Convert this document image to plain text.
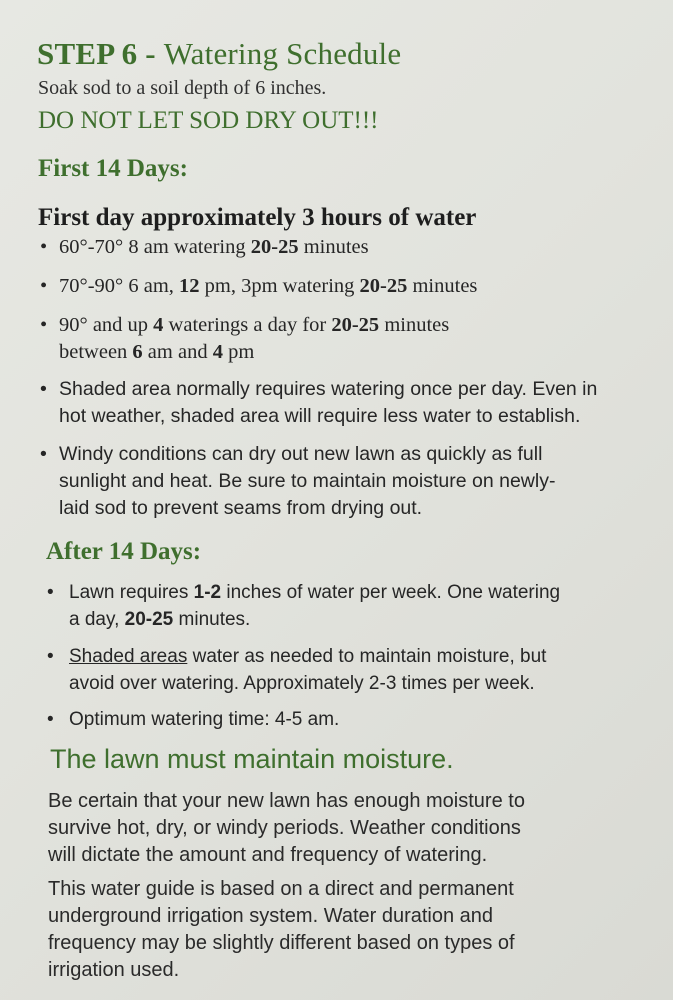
STEP 6 - Watering Schedule
Soak sod to a soil depth of 6 inches.
DO NOT LET SOD DRY OUT!!!
First 14 Days:
First day approximately 3 hours of water
• 60°-70° 8 am watering 20-25 minutes
• 70°-90° 6 am, 12 pm, 3pm watering 20-25 minutes
• 90° and up 4 waterings a day for 20-25 minutes
between 6 am and 4 pm
• Shaded area normally requires watering once per day. Even in
hot weather, shaded area will require less water to establish.
• Windy conditions can dry out new lawn as quickly as full
sunlight and heat. Be sure to maintain moisture on newly-
laid sod to prevent seams from drying out.
After 14 Days:
• Lawn requires 1-2 inches of water per week. One watering
a day, 20-25 minutes.
• Shaded areas water as needed to maintain moisture, but
avoid over watering. Approximately 2-3 times per week.
• Optimum watering time: 4-5 am.
The lawn must maintain moisture.
Be certain that your new lawn has enough moisture to
survive hot, dry, or windy periods. Weather conditions
will dictate the amount and frequency of watering.
This water guide is based on a direct and permanent
underground irrigation system. Water duration and
frequency may be slightly different based on types of
irrigation used.
